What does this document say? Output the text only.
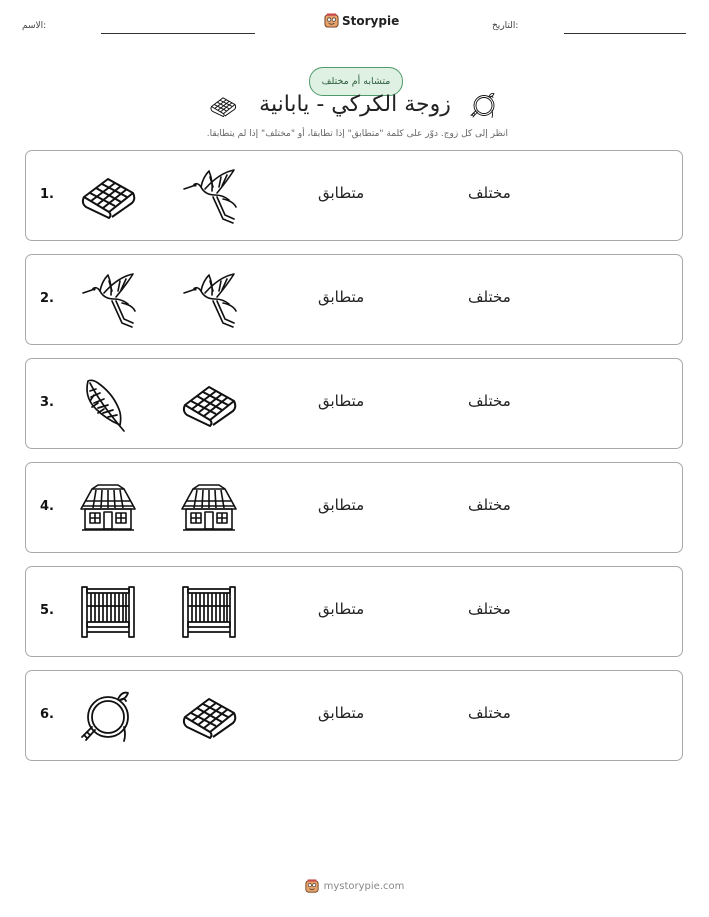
الاسم:	Storypie	التاريخ:
متشابه أم مختلف
زوجة الكركي - يابانية
انظر إلى كل زوج. دوّر على كلمة "متطابق" إذا تطابقا، أو "مختلف" إذا لم يتطابقا.
1.	متطابق	مختلف
2.	متطابق	مختلف
3.	متطابق	مختلف
4.	متطابق	مختلف
5.	متطابق	مختلف
6.	متطابق	مختلف
mystorypie.com
